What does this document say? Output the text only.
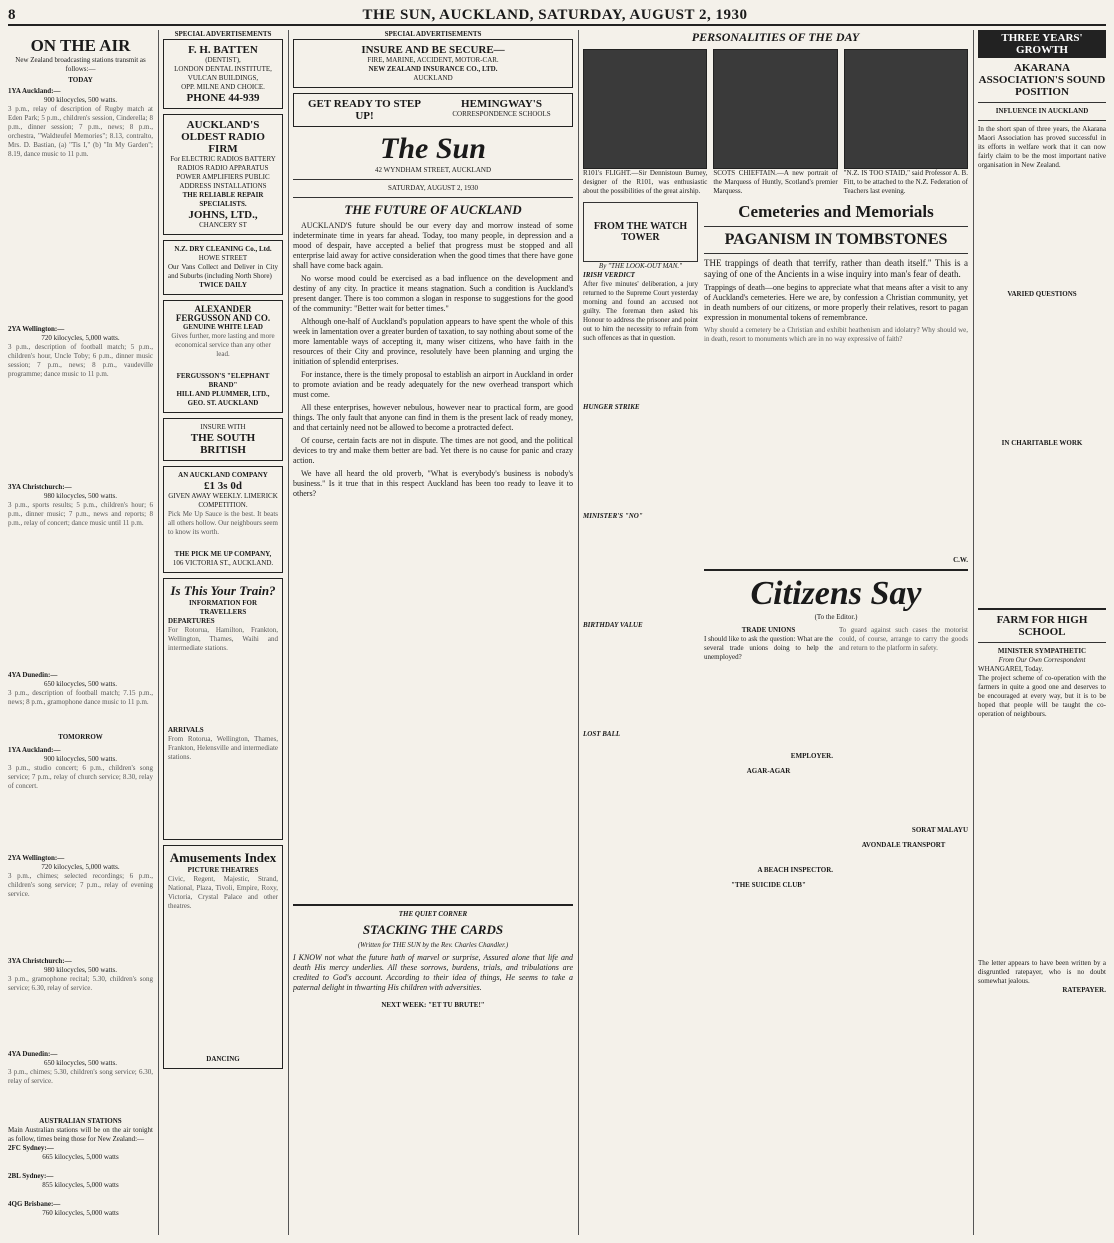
8	THE SUN, AUCKLAND, SATURDAY, AUGUST 2, 1930
ON THE AIR
New Zealand broadcasting stations transmit as follows:—
TODAY
1YA Auckland:—
900 kilocycles, 500 watts.
3 p.m., relay of description of Rugby match at Eden Park; 5 p.m., children's session, Cinderella; 8 p.m., dinner session; 7 p.m., news; 8 p.m., orchestra, "Waldteufel Memories"; 8.13, contralto, Mrs. D. Bastian, (a) "Tis I," (b) "In My Garden"; 8.19, dance music to 11 p.m.
2YA Wellington:—
720 kilocycles, 5,000 watts.
3 p.m., description of football match; 5 p.m., children's hour, Uncle Toby; 6 p.m., dinner music session; 7 p.m., news; 8 p.m., vaudeville programme; dance music to 11 p.m.
3YA Christchurch:—
980 kilocycles, 500 watts.
3 p.m., sports results; 5 p.m., children's hour; 6 p.m., dinner music; 7 p.m., news and reports; 8 p.m., relay of concert; dance music until 11 p.m.
4YA Dunedin:—
650 kilocycles, 500 watts.
3 p.m., description of football match; 7.15 p.m., news; 8 p.m., gramophone dance music to 11 p.m.
TOMORROW
1YA Auckland:—
900 kilocycles, 500 watts.
3 p.m., studio concert; 6 p.m., children's song service; 7 p.m., relay of church service; 8.30, relay of concert.
2YA Wellington:—
720 kilocycles, 5,000 watts.
3 p.m., chimes; selected recordings; 6 p.m., children's song service; 7 p.m., relay of evening service.
3YA Christchurch:—
980 kilocycles, 500 watts.
3 p.m., gramophone recital; 5.30, children's song service; 6.30, relay of service.
4YA Dunedin:—
650 kilocycles, 500 watts.
3 p.m., chimes; 5.30, children's song service; 6.30, relay of service.
AUSTRALIAN STATIONS
Main Australian stations will be on the air tonight as follow, times being those for New Zealand:—
2FC Sydney:—
665 kilocycles, 5,000 watts
2BL Sydney:—
855 kilocycles, 5,000 watts
4QG Brisbane:—
760 kilocycles, 5,000 watts
SPECIAL ADVERTISEMENTS
F. H. BATTEN
(DENTIST),
LONDON DENTAL INSTITUTE,
VULCAN BUILDINGS,
OPP. MILNE AND CHOICE.
PHONE 44-939
AUCKLAND'S OLDEST RADIO FIRM
For ELECTRIC RADIOS BATTERY RADIOS RADIO APPARATUS POWER AMPLIFIERS PUBLIC ADDRESS INSTALLATIONS
THE RELIABLE REPAIR SPECIALISTS.
JOHNS, LTD.,
CHANCERY ST
N.Z. DRY CLEANING Co., Ltd.
HOWE STREET
Our Vans Collect and Deliver in City and Suburbs (including North Shore)
TWICE DAILY
ALEXANDER FERGUSSON AND CO.
GENUINE WHITE LEAD
Gives further, more lasting and more economical service than any other lead.
FERGUSSON'S "ELEPHANT BRAND"
HILL AND PLUMMER, LTD., GEO. ST. AUCKLAND
INSURE WITH
THE SOUTH BRITISH
AN AUCKLAND COMPANY
£1 3s 0d
GIVEN AWAY WEEKLY. LIMERICK COMPETITION.
Pick Me Up Sauce is the best. It beats all others hollow. Our neighbours seem to know its worth.
THE PICK ME UP COMPANY,
106 VICTORIA ST., AUCKLAND.
Is This Your Train?
INFORMATION FOR TRAVELLERS
DEPARTURES
For Rotorua, Hamilton, Frankton, Wellington, Thames, Waihi and intermediate stations.
ARRIVALS
From Rotorua, Wellington, Thames, Frankton, Helensville and intermediate stations.
Amusements Index
PICTURE THEATRES
Civic, Regent, Majestic, Strand, National, Plaza, Tivoli, Empire, Roxy, Victoria, Crystal Palace and other theatres.
DANCING
SPECIAL ADVERTISEMENTS
INSURE AND BE SECURE—
FIRE, MARINE, ACCIDENT, MOTOR-CAR.
NEW ZEALAND INSURANCE CO., LTD.
AUCKLAND
GET READY TO STEP UP!
HEMINGWAY'S
CORRESPONDENCE SCHOOLS
The Sun
42 WYNDHAM STREET, AUCKLAND
SATURDAY, AUGUST 2, 1930
THE FUTURE OF AUCKLAND

AUCKLAND'S future should be our every day and morrow instead of some indeterminate time in years far ahead. Today, too many people, in depression and a mood of despair, have accepted a belief that progress must be stopped and all enterprise laid away for active consideration when the good times that there have gone shall have come back again.

No worse mood could be exercised as a bad influence on the development and destiny of any city. In practice it means stagnation. Such a condition is Auckland's present danger. There is too common a slogan in response to suggestions for the good of the community: "Better wait for better times."

Although one-half of Auckland's population appears to have spent the whole of this week in lamentation over a greater burden of taxation, to say nothing about some of the more lamentable ways of accepting it, many wiser citizens, who have faith in the resources of their City and province, resolutely have been planning and urging the initiation of splendid enterprises.

For instance, there is the timely proposal to establish an airport in Auckland in order to promote aviation and be ready adequately for the new overhead transport which must come.

All these enterprises, however nebulous, however near to practical form, are good things. The only fault that anyone can find in them is the present lack of ready money, and that certainly need not be allowed to become a protracted defect.

Of course, certain facts are not in dispute. The times are not good, and the political devices to try and make them better are bad. Yet there is no cause for panic and crazy action.

We have all heard the old proverb, "What is everybody's business is nobody's business." Is it true that in this respect Auckland has been too ready to leave it to others?

THE QUIET CORNER
STACKING THE CARDS
(Written for THE SUN by the Rev. Charles Chandler.)
I KNOW not what the future hath of marvel or surprise, Assured alone that life and death His mercy underlies. All these sorrows, burdens, trials, and tribulations are credited to God's account. According to their idea of things, He seems to take a paternal delight in thwarting His children with adversities.
NEXT WEEK: "ET TU BRUTE!"
PERSONALITIES OF THE DAY
R101's FLIGHT.—Sir Dennistoun Burney, designer of the R101, was enthusiastic about the possibilities of the great airship.
SCOTS CHIEFTAIN.—A new portrait of the Marquess of Huntly, Scotland's premier Marquess.
"N.Z. IS TOO STAID," said Professor A. B. Fitt, to be attached to the N.Z. Federation of Teachers last evening.
FROM THE WATCH TOWER
By "THE LOOK-OUT MAN."
IRISH VERDICT
After five minutes' deliberation, a jury returned to the Supreme Court yesterday morning and found an accused not guilty. The foreman then asked his Honour to address the prisoner and point out to him the necessity to refrain from such offences as that in question.
HUNGER STRIKE
MINISTER'S "NO"
BIRTHDAY VALUE
LOST BALL
Cemeteries and Memorials
PAGANISM IN TOMBSTONES
THE trappings of death that terrify, rather than death itself." This is a saying of one of the Ancients in a wise inquiry into man's fear of death.
Trappings of death—one begins to appreciate what that means after a visit to any of Auckland's cemeteries. Here we are, by confession a Christian community, yet in death numbers of our citizens, or more properly their relatives, resort to pagan expression in monumental tokens of remembrance.
Why should a cemetery be a Christian and exhibit heathenism and idolatry? Why should we, in death, resort to monuments which are in no way expressive of faith?
C.W.
Citizens Say
(To the Editor.)
TRADE UNIONS
I should like to ask the question: What are the several trade unions doing to help the unemployed?
EMPLOYER.
AGAR-AGAR
A BEACH INSPECTOR.
"THE SUICIDE CLUB"
To guard against such cases the motorist could, of course, arrange to carry the goods and return to the platform in safety.
SORAT MALAYU
AVONDALE TRANSPORT
THREE YEARS' GROWTH
AKARANA ASSOCIATION'S SOUND POSITION
INFLUENCE IN AUCKLAND
In the short span of three years, the Akarana Maori Association has proved successful in its efforts in welfare work that it can now fairly claim to be the most important native organisation in New Zealand.
VARIED QUESTIONS
IN CHARITABLE WORK
FARM FOR HIGH SCHOOL
MINISTER SYMPATHETIC
From Our Own Correspondent
WHANGAREI, Today.
The project scheme of co-operation with the farmers in quite a good one and deserves to be encouraged at every way, but it is to be hoped that people will be taught the co-operation of neighbours.
The letter appears to have been written by a disgruntled ratepayer, who is no doubt somewhat jealous.
RATEPAYER.
